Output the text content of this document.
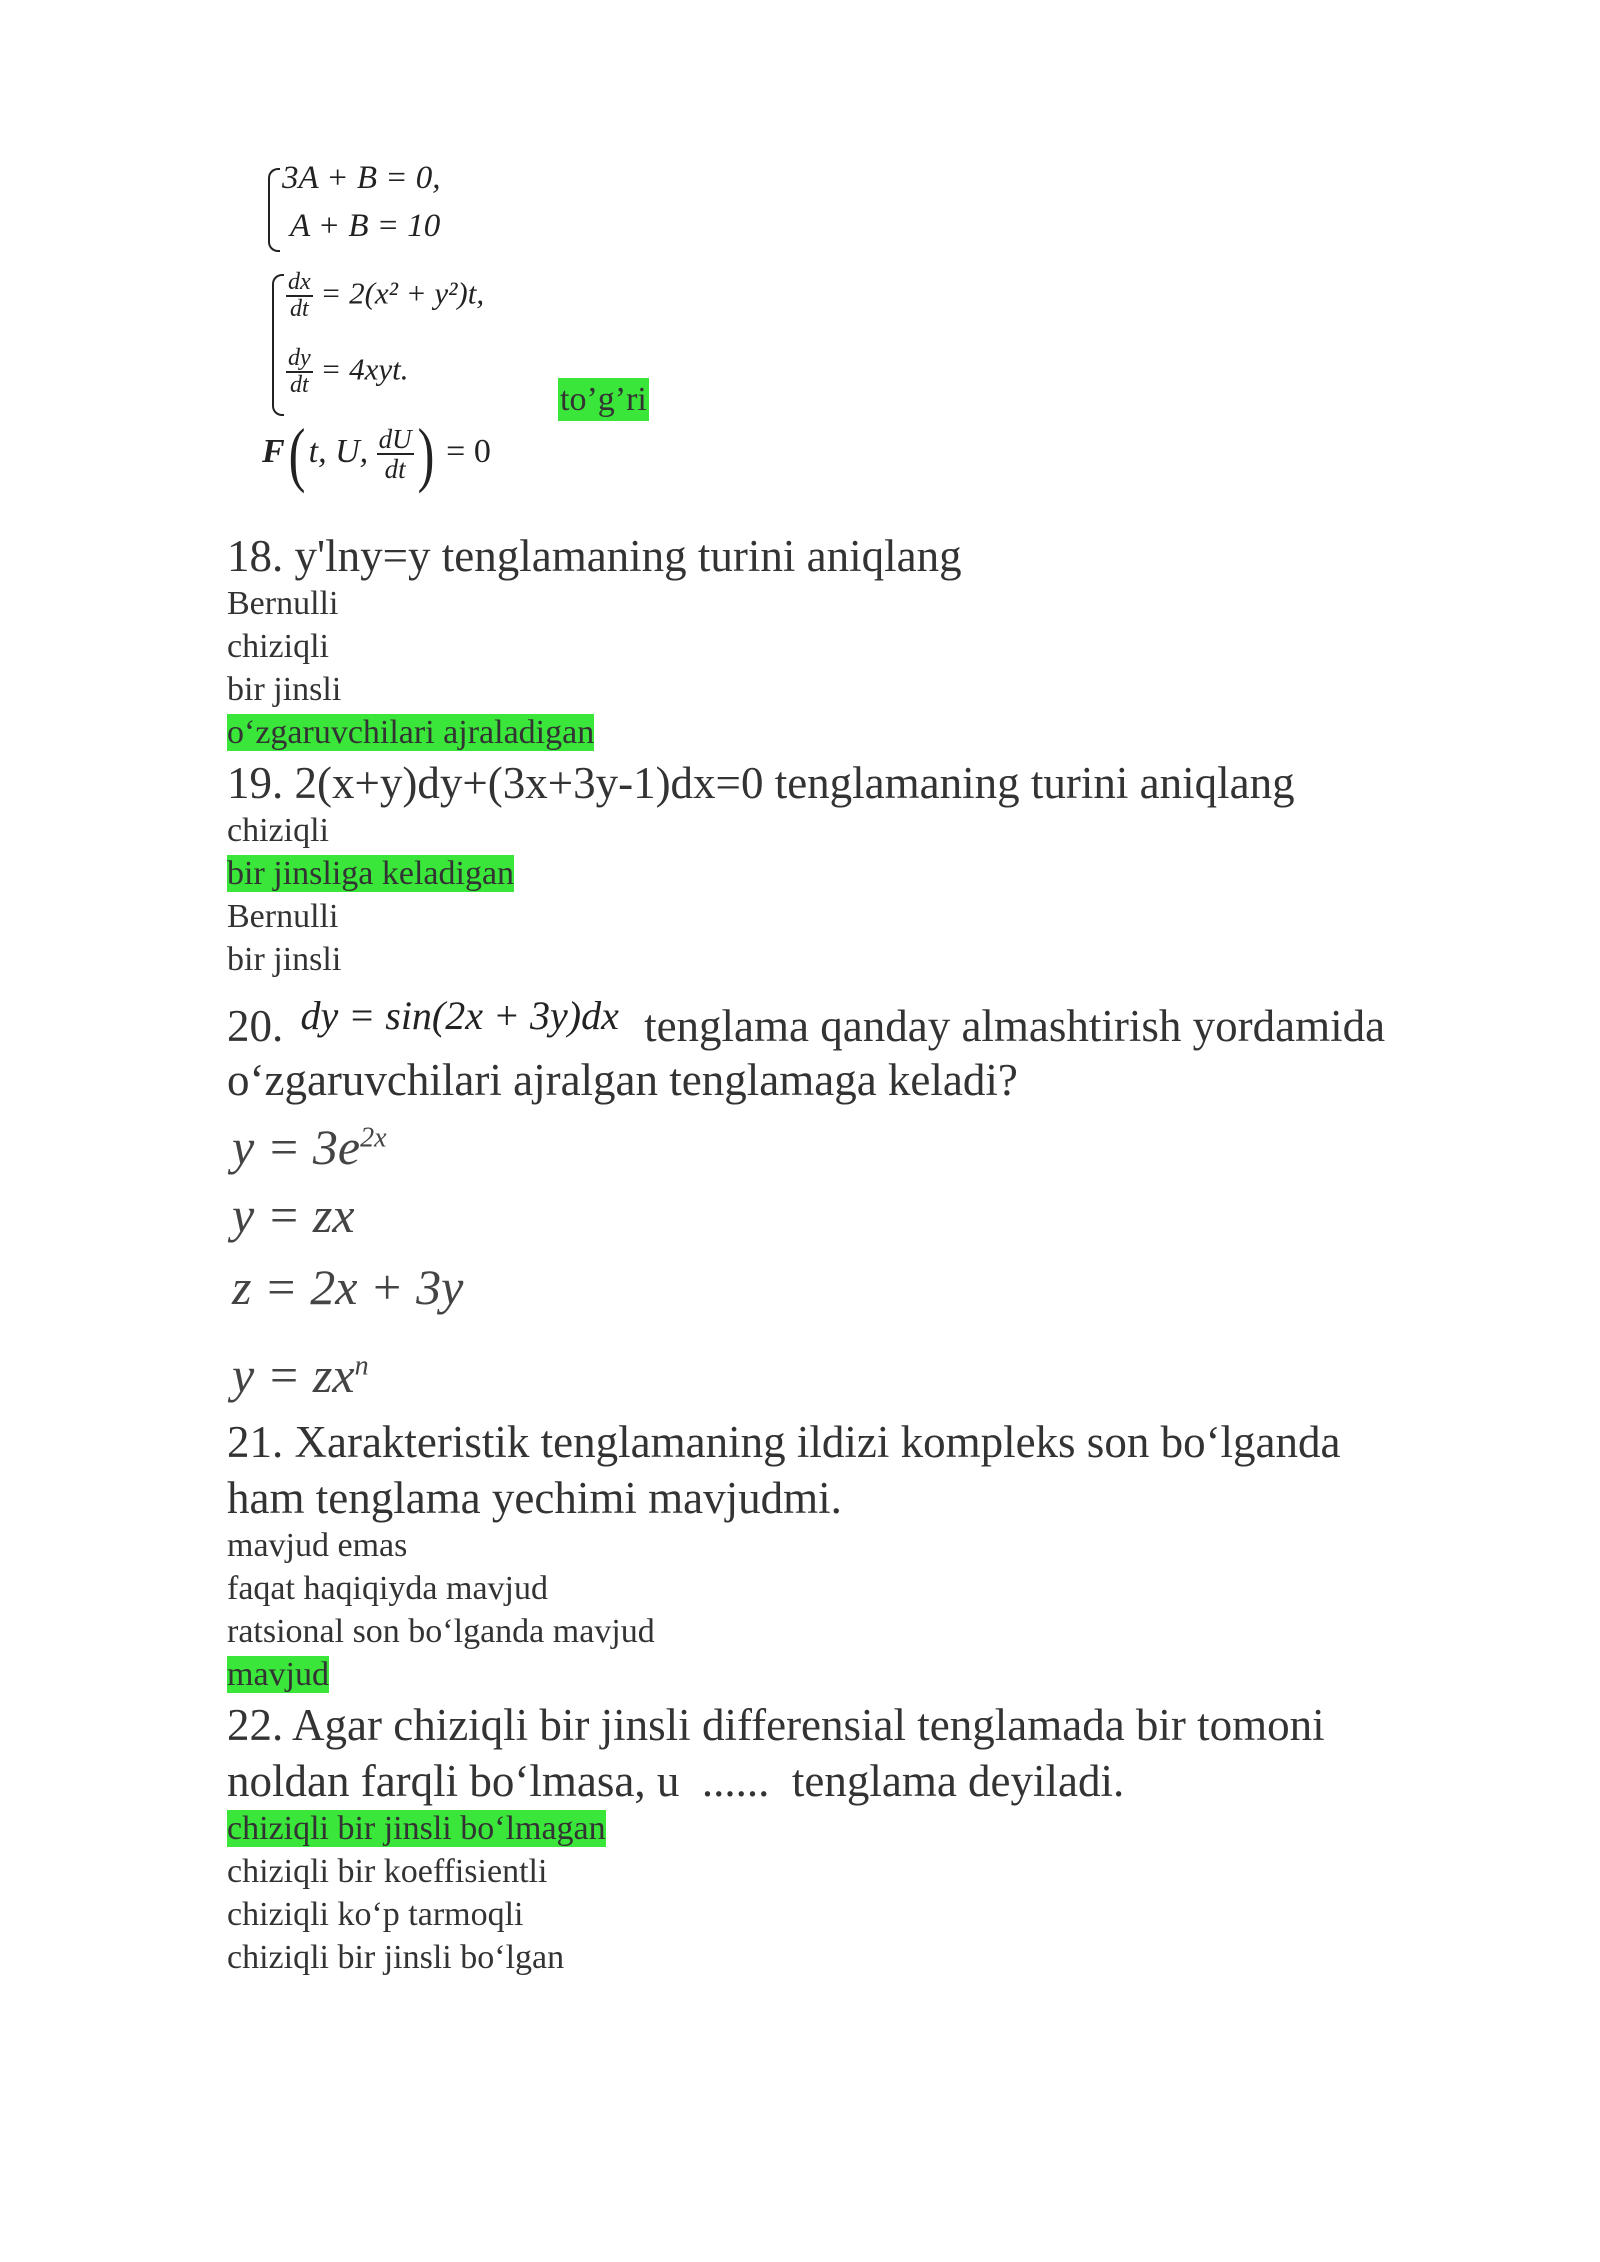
3A + B = 0,
A + B = 10
$\frac{dx}{dt} = 2(x^2 + y^2)t$,
$\frac{dy}{dt} = 4xyt$.
to’g’ri
F( t, U, $\frac{dU}{dt}$ ) = 0
18. y'lny=y tenglamaning turini aniqlang
Bernulli
chiziqli
bir jinsli
o‘zgaruvchilari ajraladigan
19. 2(x+y)dy+(3x+3y-1)dx=0 tenglamaning turini aniqlang
chiziqli
bir jinsliga keladigan
Bernulli
bir jinsli
20. dy = sin(2x + 3y)dx tenglama qanday almashtirish yordamida
o‘zgaruvchilari ajralgan tenglamaga keladi?
$y = 3e^{2x}$
y = zx
z = 2x + 3y
$y = zx^n$
21. Xarakteristik tenglamaning ildizi kompleks son bo‘lganda
ham tenglama yechimi mavjudmi.
mavjud emas
faqat haqiqiyda mavjud
ratsional son bo‘lganda mavjud
mavjud
22. Agar chiziqli bir jinsli differensial tenglamada bir tomoni
noldan farqli bo‘lmasa, u  ......  tenglama deyiladi.
chiziqli bir jinsli bo‘lmagan
chiziqli bir koeffisientli
chiziqli ko‘p tarmoqli
chiziqli bir jinsli bo‘lgan
